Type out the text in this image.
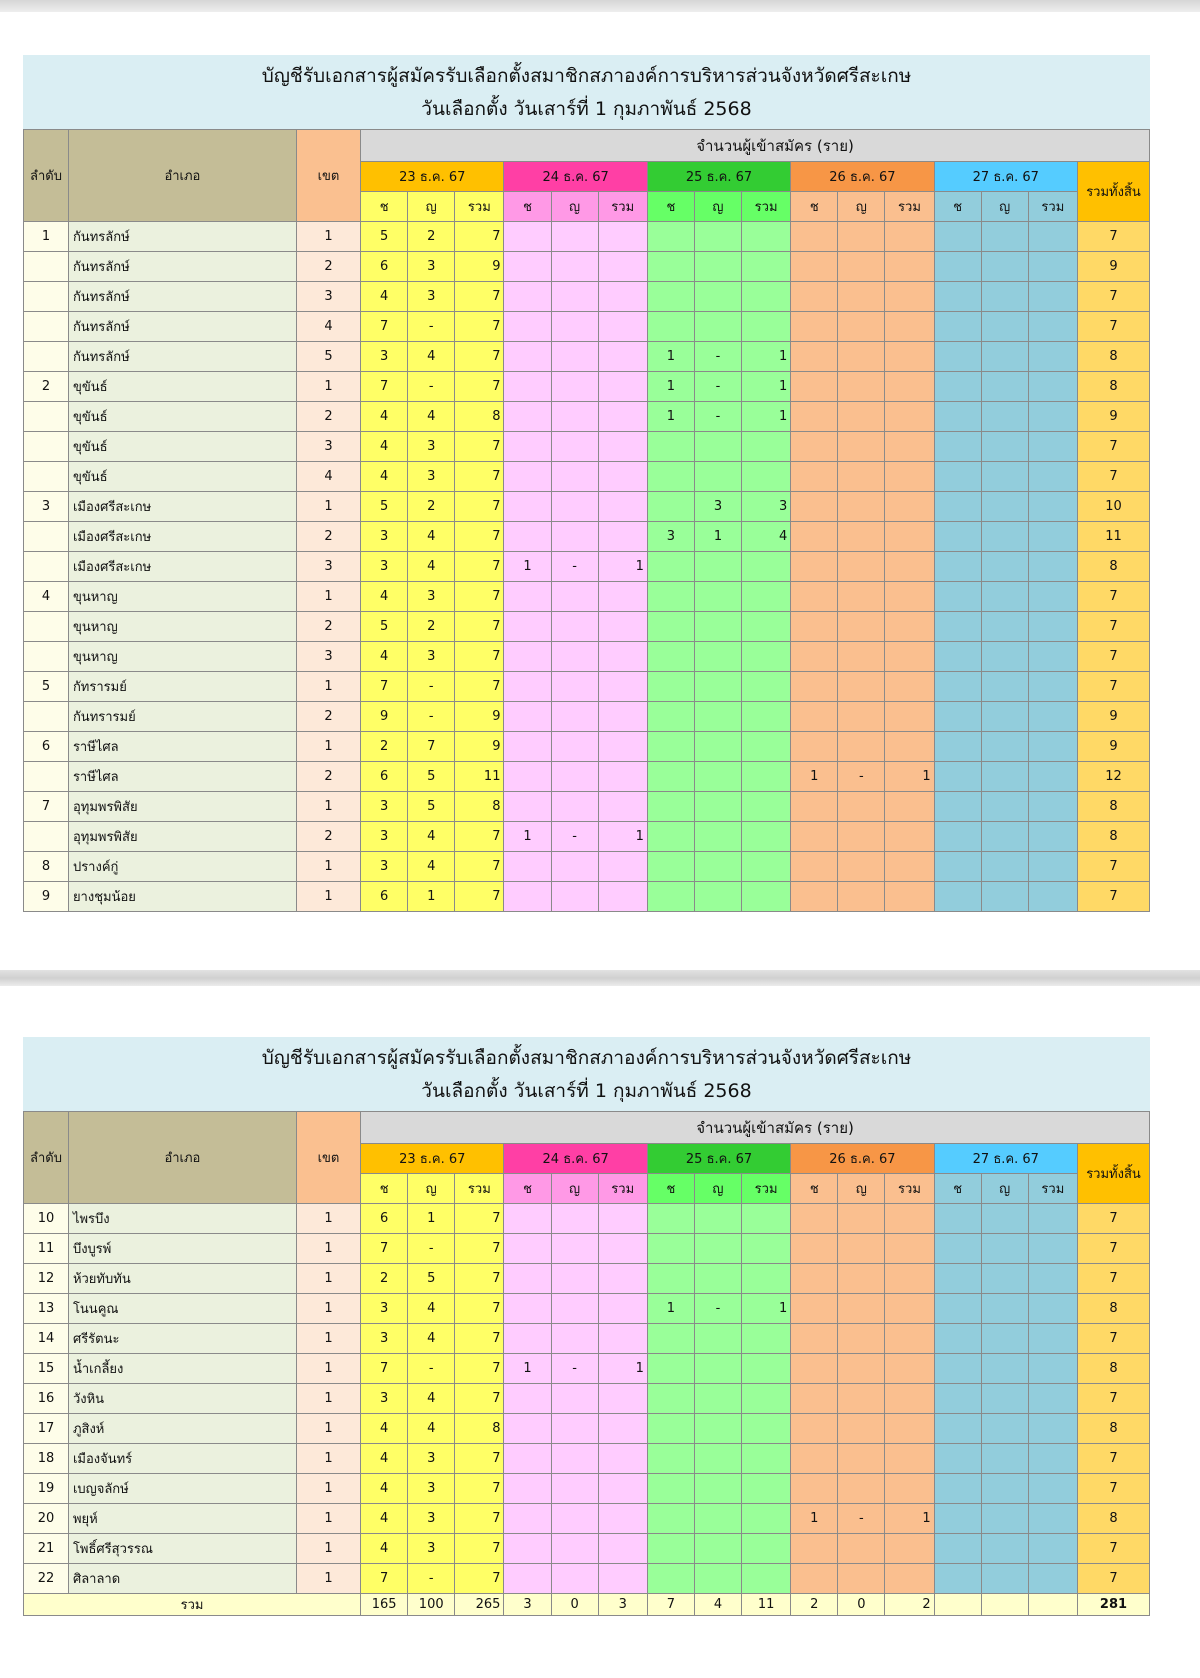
บัญชีรับเอกสารผู้สมัครรับเลือกตั้งสมาชิกสภาองค์การบริหารส่วนจังหวัดศรีสะเกษ
วันเลือกตั้ง วันเสาร์ที่ 1 กุมภาพันธ์ 2568
ลำดับ	อำเภอ	เขต	จำนวนผู้เข้าสมัคร (ราย)															
			23 ธ.ค. 67			24 ธ.ค. 67			25 ธ.ค. 67			26 ธ.ค. 67			27 ธ.ค. 67			รวมทั้งสิ้น
			ช	ญ	รวม	ช	ญ	รวม	ช	ญ	รวม	ช	ญ	รวม	ช	ญ	รวม	
1	กันทรลักษ์	1	5	2	7													7
	กันทรลักษ์	2	6	3	9													9
	กันทรลักษ์	3	4	3	7													7
	กันทรลักษ์	4	7	-	7													7
	กันทรลักษ์	5	3	4	7				1	-	1							8
2	ขุขันธ์	1	7	-	7				1	-	1							8
	ขุขันธ์	2	4	4	8				1	-	1							9
	ขุขันธ์	3	4	3	7													7
	ขุขันธ์	4	4	3	7													7
3	เมืองศรีสะเกษ	1	5	2	7					3	3							10
	เมืองศรีสะเกษ	2	3	4	7				3	1	4							11
	เมืองศรีสะเกษ	3	3	4	7	1	-	1										8
4	ขุนหาญ	1	4	3	7													7
	ขุนหาญ	2	5	2	7													7
	ขุนหาญ	3	4	3	7													7
5	กัทรารมย์	1	7	-	7													7
	กันทรารมย์	2	9	-	9													9
6	ราษีไศล	1	2	7	9													9
	ราษีไศล	2	6	5	11							1	-	1				12
7	อุทุมพรพิสัย	1	3	5	8													8
	อุทุมพรพิสัย	2	3	4	7	1	-	1										8
8	ปรางค์กู่	1	3	4	7													7
9	ยางชุมน้อย	1	6	1	7													7
บัญชีรับเอกสารผู้สมัครรับเลือกตั้งสมาชิกสภาองค์การบริหารส่วนจังหวัดศรีสะเกษ
วันเลือกตั้ง วันเสาร์ที่ 1 กุมภาพันธ์ 2568
ลำดับ	อำเภอ	เขต	จำนวนผู้เข้าสมัคร (ราย)															
			23 ธ.ค. 67			24 ธ.ค. 67			25 ธ.ค. 67			26 ธ.ค. 67			27 ธ.ค. 67			รวมทั้งสิ้น
			ช	ญ	รวม	ช	ญ	รวม	ช	ญ	รวม	ช	ญ	รวม	ช	ญ	รวม	
10	ไพรบึง	1	6	1	7													7
11	บึงบูรพ์	1	7	-	7													7
12	ห้วยทับทัน	1	2	5	7													7
13	โนนคูณ	1	3	4	7				1	-	1							8
14	ศรีรัตนะ	1	3	4	7													7
15	น้ำเกลี้ยง	1	7	-	7	1	-	1										8
16	วังหิน	1	3	4	7													7
17	ภูสิงห์	1	4	4	8													8
18	เมืองจันทร์	1	4	3	7													7
19	เบญจลักษ์	1	4	3	7													7
20	พยุห์	1	4	3	7							1	-	1				8
21	โพธิ์ศรีสุวรรณ	1	4	3	7													7
22	ศิลาลาด	1	7	-	7													7
รวม			165	100	265	3	0	3	7	4	11	2	0	2				281
